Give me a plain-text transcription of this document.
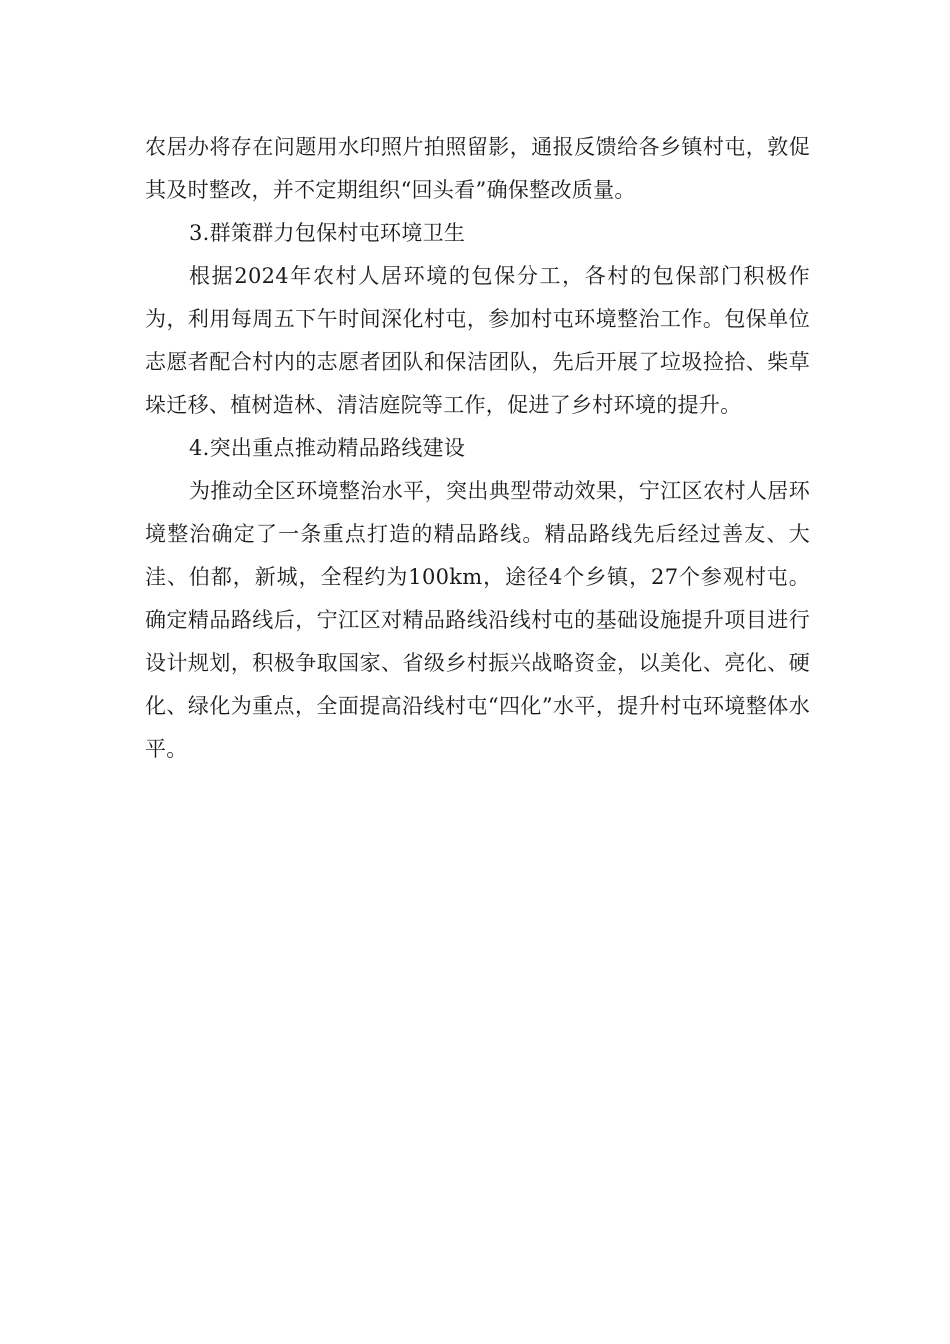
农居办将存在问题用水印照片拍照留影，通报反馈给各乡镇村屯，敦促其及时整改，并不定期组织“回头看”确保整改质量。

3.群策群力包保村屯环境卫生

根据2024年农村人居环境的包保分工，各村的包保部门积极作为，利用每周五下午时间深化村屯，参加村屯环境整治工作。包保单位志愿者配合村内的志愿者团队和保洁团队，先后开展了垃圾捡拾、柴草垛迁移、植树造林、清洁庭院等工作，促进了乡村环境的提升。

4.突出重点推动精品路线建设

为推动全区环境整治水平，突出典型带动效果，宁江区农村人居环境整治确定了一条重点打造的精品路线。精品路线先后经过善友、大洼、伯都，新城，全程约为100km，途径4个乡镇，27个参观村屯。确定精品路线后，宁江区对精品路线沿线村屯的基础设施提升项目进行设计规划，积极争取国家、省级乡村振兴战略资金，以美化、亮化、硬化、绿化为重点，全面提高沿线村屯“四化”水平，提升村屯环境整体水平。
